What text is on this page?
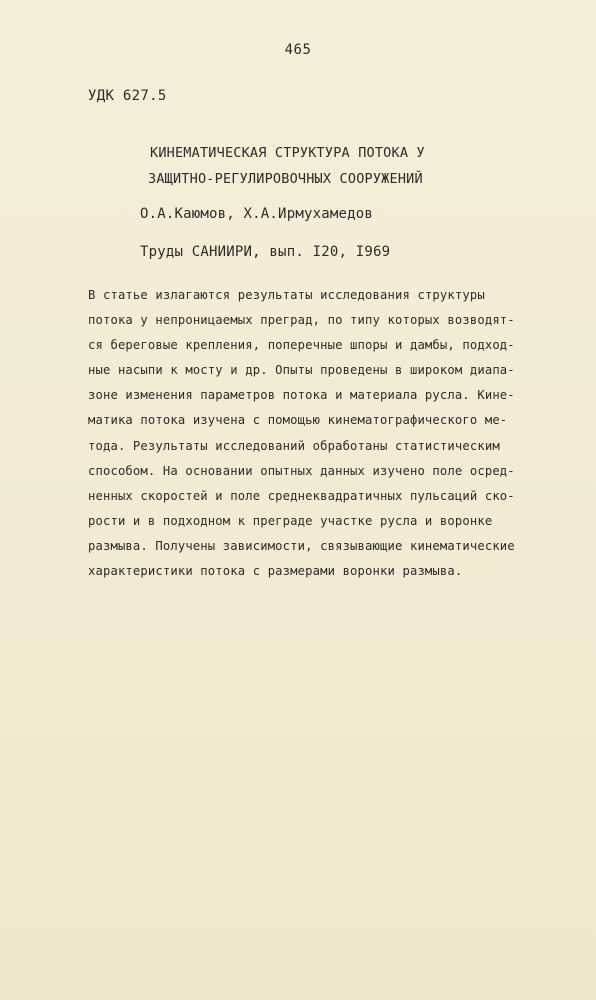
465
УДК 627.5
КИНЕМАТИЧЕСКАЯ СТРУКТУРА ПОТОКА У
ЗАЩИТНО-РЕГУЛИРОВОЧНЫХ СООРУЖЕНИЙ
О.А.Каюмов, Х.А.Ирмухамедов
Труды САНИИРИ, вып. I20, I969
В статье излагаются результаты исследования структуры
потока у непроницаемых преград, по типу которых возводят-
ся береговые крепления, поперечные шпоры и дамбы, подход-
ные насыпи к мосту и др. Опыты проведены в широком диапа-
зоне изменения параметров потока и материала русла. Кине-
матика потока изучена с помощью кинематографического ме-
тода. Результаты исследований обработаны статистическим
способом. На основании опытных данных изучено поле осред-
ненных скоростей и поле среднеквадратичных пульсаций ско-
рости и в подходном к преграде участке русла и воронке
размыва. Получены зависимости, связывающие кинематические
характеристики потока с размерами воронки размыва.
